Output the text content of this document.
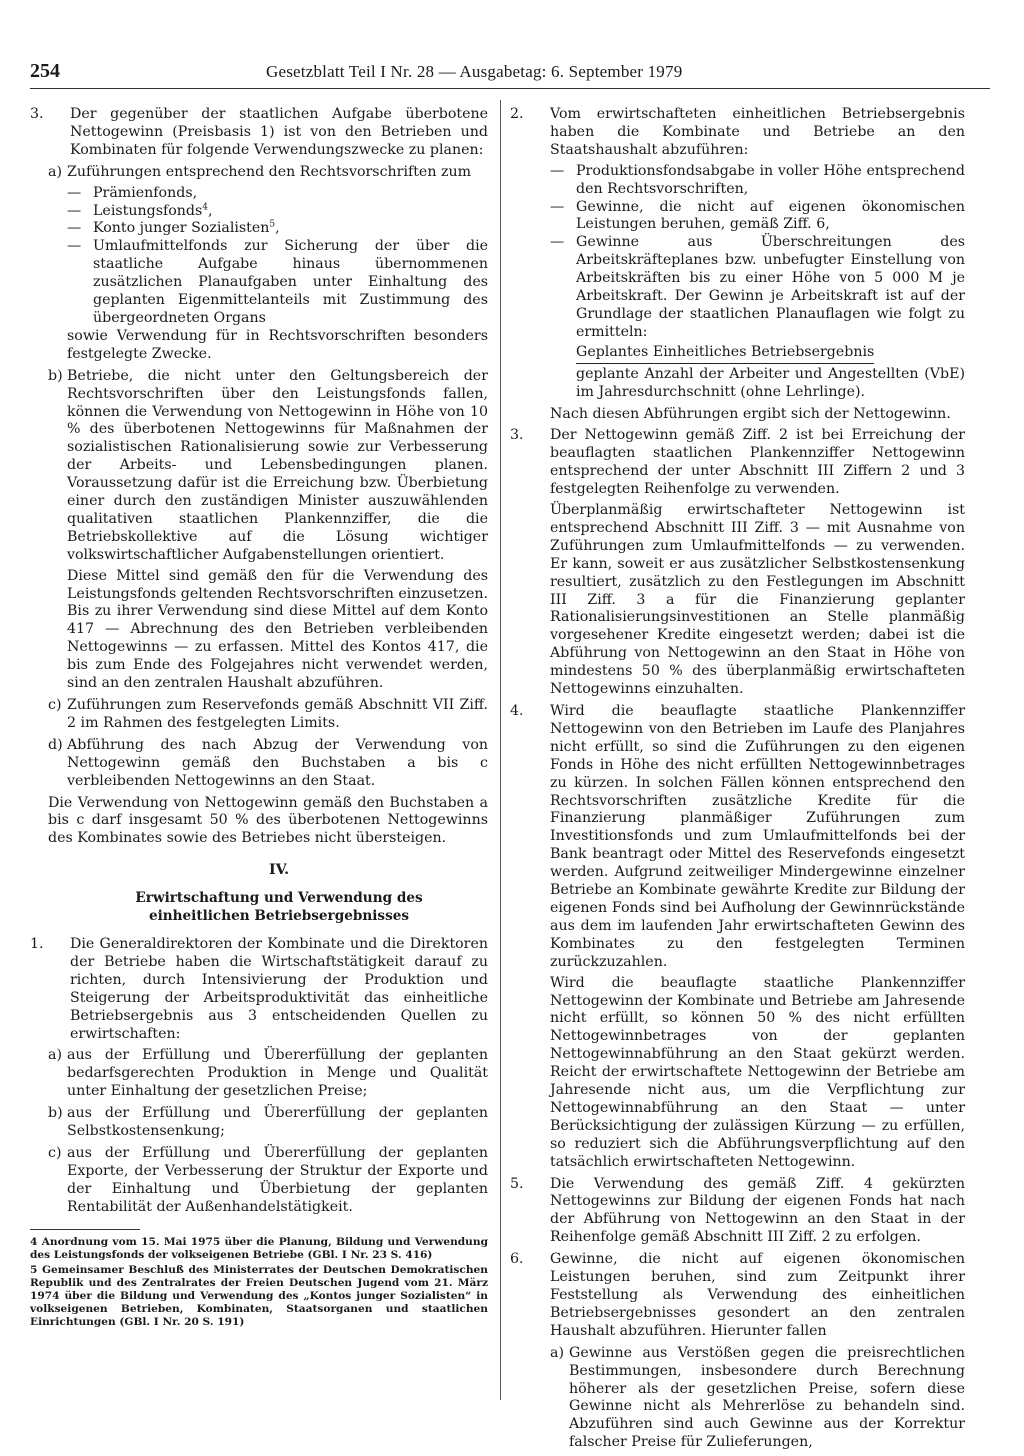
254	Gesetzblatt Teil I Nr. 28 — Ausgabetag: 6. September 1979
3. Der gegenüber der staatlichen Aufgabe überbotene Nettogewinn (Preisbasis 1) ist von den Betrieben und Kombinaten für folgende Verwendungszwecke zu planen:

a) Zuführungen entsprechend den Rechtsvorschriften zum

— Prämienfonds,
— Leistungsfonds$^4$,
— Konto junger Sozialisten$^5$,
— Umlaufmittelfonds zur Sicherung der über die staatliche Aufgabe hinaus übernommenen zusätzlichen Planaufgaben unter Einhaltung des geplanten Eigenmittelanteils mit Zustimmung des übergeordneten Organs

sowie Verwendung für in Rechtsvorschriften besonders festgelegte Zwecke.

b) Betriebe, die nicht unter den Geltungsbereich der Rechtsvorschriften über den Leistungsfonds fallen, können die Verwendung von Nettogewinn in Höhe von 10 % des überbotenen Nettogewinns für Maßnahmen der sozialistischen Rationalisierung sowie zur Verbesserung der Arbeits- und Lebensbedingungen planen. Voraussetzung dafür ist die Erreichung bzw. Überbietung einer durch den zuständigen Minister auszuwählenden qualitativen staatlichen Plankennziffer, die die Betriebskollektive auf die Lösung wichtiger volkswirtschaftlicher Aufgabenstellungen orientiert.

Diese Mittel sind gemäß den für die Verwendung des Leistungsfonds geltenden Rechtsvorschriften einzusetzen. Bis zu ihrer Verwendung sind diese Mittel auf dem Konto 417 — Abrechnung des den Betrieben verbleibenden Nettogewinns — zu erfassen. Mittel des Kontos 417, die bis zum Ende des Folgejahres nicht verwendet werden, sind an den zentralen Haushalt abzuführen.

c) Zuführungen zum Reservefonds gemäß Abschnitt VII Ziff. 2 im Rahmen des festgelegten Limits.

d) Abführung des nach Abzug der Verwendung von Nettogewinn gemäß den Buchstaben a bis c verbleibenden Nettogewinns an den Staat.

Die Verwendung von Nettogewinn gemäß den Buchstaben a bis c darf insgesamt 50 % des überbotenen Nettogewinns des Kombinates sowie des Betriebes nicht übersteigen.

IV.
Erwirtschaftung und Verwendung des
einheitlichen Betriebsergebnisses
1. Die Generaldirektoren der Kombinate und die Direktoren der Betriebe haben die Wirtschaftstätigkeit darauf zu richten, durch Intensivierung der Produktion und Steigerung der Arbeitsproduktivität das einheitliche Betriebsergebnis aus 3 entscheidenden Quellen zu erwirtschaften:

a) aus der Erfüllung und Übererfüllung der geplanten bedarfsgerechten Produktion in Menge und Qualität unter Einhaltung der gesetzlichen Preise;

b) aus der Erfüllung und Übererfüllung der geplanten Selbstkostensenkung;

c) aus der Erfüllung und Übererfüllung der geplanten Exporte, der Verbesserung der Struktur der Exporte und der Einhaltung und Überbietung der geplanten Rentabilität der Außenhandelstätigkeit.

4 Anordnung vom 15. Mai 1975 über die Planung, Bildung und Verwendung des Leistungsfonds der volkseigenen Betriebe (GBl. I Nr. 23 S. 416)

5 Gemeinsamer Beschluß des Ministerrates der Deutschen Demokratischen Republik und des Zentralrates der Freien Deutschen Jugend vom 21. März 1974 über die Bildung und Verwendung des „Kontos junger Sozialisten“ in volkseigenen Betrieben, Kombinaten, Staatsorganen und staatlichen Einrichtungen (GBl. I Nr. 20 S. 191)

2. Vom erwirtschafteten einheitlichen Betriebsergebnis haben die Kombinate und Betriebe an den Staatshaushalt abzuführen:

— Produktionsfondsabgabe in voller Höhe entsprechend den Rechtsvorschriften,
— Gewinne, die nicht auf eigenen ökonomischen Leistungen beruhen, gemäß Ziff. 6,
— Gewinne aus Überschreitungen des Arbeitskräfteplanes bzw. unbefugter Einstellung von Arbeitskräften bis zu einer Höhe von 5 000 M je Arbeitskraft. Der Gewinn je Arbeitskraft ist auf der Grundlage der staatlichen Planauflagen wie folgt zu ermitteln:
Geplantes Einheitliches Betriebsergebnis
geplante Anzahl der Arbeiter und Angestellten (VbE) im Jahresdurchschnitt (ohne Lehrlinge).

Nach diesen Abführungen ergibt sich der Nettogewinn.

3. Der Nettogewinn gemäß Ziff. 2 ist bei Erreichung der beauflagten staatlichen Plankennziffer Nettogewinn entsprechend der unter Abschnitt III Ziffern 2 und 3 festgelegten Reihenfolge zu verwenden.

Überplanmäßig erwirtschafteter Nettogewinn ist entsprechend Abschnitt III Ziff. 3 — mit Ausnahme von Zuführungen zum Umlaufmittelfonds — zu verwenden. Er kann, soweit er aus zusätzlicher Selbstkostensenkung resultiert, zusätzlich zu den Festlegungen im Abschnitt III Ziff. 3 a für die Finanzierung geplanter Rationalisierungsinvestitionen an Stelle planmäßig vorgesehener Kredite eingesetzt werden; dabei ist die Abführung von Nettogewinn an den Staat in Höhe von mindestens 50 % des überplanmäßig erwirtschafteten Nettogewinns einzuhalten.

4. Wird die beauflagte staatliche Plankennziffer Nettogewinn von den Betrieben im Laufe des Planjahres nicht erfüllt, so sind die Zuführungen zu den eigenen Fonds in Höhe des nicht erfüllten Nettogewinnbetrages zu kürzen. In solchen Fällen können entsprechend den Rechtsvorschriften zusätzliche Kredite für die Finanzierung planmäßiger Zuführungen zum Investitionsfonds und zum Umlaufmittelfonds bei der Bank beantragt oder Mittel des Reservefonds eingesetzt werden. Aufgrund zeitweiliger Mindergewinne einzelner Betriebe an Kombinate gewährte Kredite zur Bildung der eigenen Fonds sind bei Aufholung der Gewinnrückstände aus dem im laufenden Jahr erwirtschafteten Gewinn des Kombinates zu den festgelegten Terminen zurückzuzahlen.

Wird die beauflagte staatliche Plankennziffer Nettogewinn der Kombinate und Betriebe am Jahresende nicht erfüllt, so können 50 % des nicht erfüllten Nettogewinnbetrages von der geplanten Nettogewinnabführung an den Staat gekürzt werden. Reicht der erwirtschaftete Nettogewinn der Betriebe am Jahresende nicht aus, um die Verpflichtung zur Nettogewinnabführung an den Staat — unter Berücksichtigung der zulässigen Kürzung — zu erfüllen, so reduziert sich die Abführungsverpflichtung auf den tatsächlich erwirtschafteten Nettogewinn.

5. Die Verwendung des gemäß Ziff. 4 gekürzten Nettogewinns zur Bildung der eigenen Fonds hat nach der Abführung von Nettogewinn an den Staat in der Reihenfolge gemäß Abschnitt III Ziff. 2 zu erfolgen.

6. Gewinne, die nicht auf eigenen ökonomischen Leistungen beruhen, sind zum Zeitpunkt ihrer Feststellung als Verwendung des einheitlichen Betriebsergebnisses gesondert an den zentralen Haushalt abzuführen. Hierunter fallen

a) Gewinne aus Verstößen gegen die preisrechtlichen Bestimmungen, insbesondere durch Berechnung höherer als der gesetzlichen Preise, sofern diese Gewinne nicht als Mehrerlöse zu behandeln sind. Abzuführen sind auch Gewinne aus der Korrektur falscher Preise für Zulieferungen,
